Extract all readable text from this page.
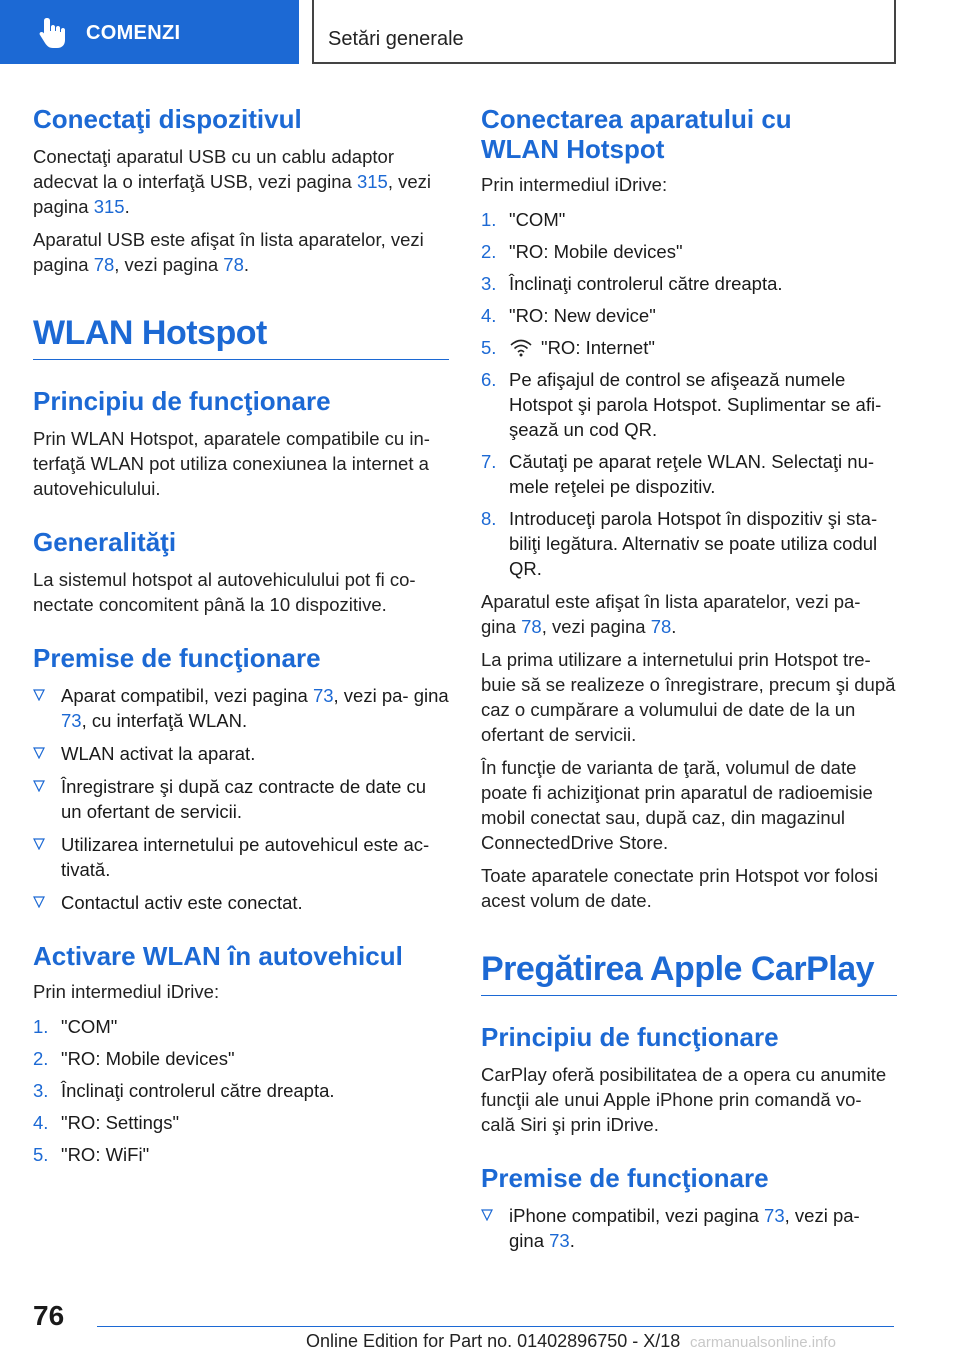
COMENZI	Setări generale
Conectaţi dispozitivul

Conectaţi aparatul USB cu un cablu adaptor adecvat la o interfaţă USB, vezi pagina 315, vezi pagina 315.

Aparatul USB este afişat în lista aparatelor, vezi pagina 78, vezi pagina 78.

WLAN Hotspot
Principiu de funcţionare

Prin WLAN Hotspot, aparatele compatibile cu in- terfaţă WLAN pot utiliza conexiunea la internet a autovehiculului.

Generalităţi

La sistemul hotspot al autovehiculului pot fi co- nectate concomitent până la 10 dispozitive.

Premise de funcţionare
Aparat compatibil, vezi pagina 73, vezi pa- gina 73, cu interfaţă WLAN.
WLAN activat la aparat.
Înregistrare şi după caz contracte de date cu un ofertant de servicii.
Utilizarea internetului pe autovehicul este ac- tivată.
Contactul activ este conectat.
Activare WLAN în autovehicul

Prin intermediul iDrive:

1. "COM"
2. "RO: Mobile devices"
3. Înclinaţi controlerul către dreapta.
4. "RO: Settings"
5. "RO: WiFi"
Conectarea aparatului cu WLAN Hotspot

Prin intermediul iDrive:

1. "COM"
2. "RO: Mobile devices"
3. Înclinaţi controlerul către dreapta.
4. "RO: New device"
5. "RO: Internet"
6. Pe afişajul de control se afişează numele Hotspot şi parola Hotspot. Suplimentar se afi- şează un cod QR.
7. Căutaţi pe aparat reţele WLAN. Selectaţi nu- mele reţelei pe dispozitiv.
8. Introduceţi parola Hotspot în dispozitiv şi sta- biliţi legătura. Alternativ se poate utiliza codul QR.

Aparatul este afişat în lista aparatelor, vezi pa- gina 78, vezi pagina 78.

La prima utilizare a internetului prin Hotspot tre- buie să se realizeze o înregistrare, precum şi după caz o cumpărare a volumului de date de la un ofertant de servicii.

În funcţie de varianta de ţară, volumul de date poate fi achiziţionat prin aparatul de radioemisie mobil conectat sau, după caz, din magazinul ConnectedDrive Store.

Toate aparatele conectate prin Hotspot vor folosi acest volum de date.

Pregătirea Apple CarPlay
Principiu de funcţionare

CarPlay oferă posibilitatea de a opera cu anumite funcţii ale unui Apple iPhone prin comandă vo- cală Siri şi prin iDrive.

Premise de funcţionare
iPhone compatibil, vezi pagina 73, vezi pa- gina 73.
76
Online Edition for Part no. 01402896750 - X/18 carmanualsonline.info
